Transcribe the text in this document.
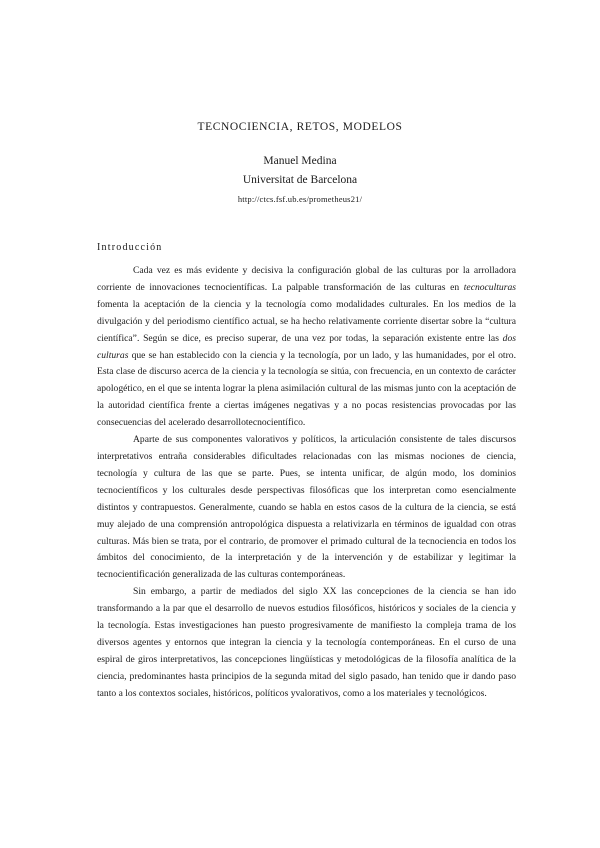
TECNOCIENCIA, RETOS, MODELOS
Manuel Medina
Universitat de Barcelona
http://ctcs.fsf.ub.es/prometheus21/
Introducción

Cada vez es más evidente y decisiva la configuración global de las culturas por la arrolladora corriente de innovaciones tecnocientíficas. La palpable transformación de las culturas en tecnoculturas fomenta la aceptación de la ciencia y la tecnología como modalidades culturales. En los medios de la divulgación y del periodismo científico actual, se ha hecho relativamente corriente disertar sobre la “cultura científica”. Según se dice, es preciso superar, de una vez por todas, la separación existente entre las dos culturas que se han establecido con la ciencia y la tecnología, por un lado, y las humanidades, por el otro. Esta clase de discurso acerca de la ciencia y la tecnología se sitúa, con frecuencia, en un contexto de carácter apologético, en el que se intenta lograr la plena asimilación cultural de las mismas junto con la aceptación de la autoridad científica frente a ciertas imágenes negativas y a no pocas resistencias provocadas por las consecuencias del acelerado desarrollotecnocientífico.

Aparte de sus componentes valorativos y políticos, la articulación consistente de tales discursos interpretativos entraña considerables dificultades relacionadas con las mismas nociones de ciencia, tecnología y cultura de las que se parte. Pues, se intenta unificar, de algún modo, los dominios tecnocientíficos y los culturales desde perspectivas filosóficas que los interpretan como esencialmente distintos y contrapuestos. Generalmente, cuando se habla en estos casos de la cultura de la ciencia, se está muy alejado de una comprensión antropológica dispuesta a relativizarla en términos de igualdad con otras culturas. Más bien se trata, por el contrario, de promover el primado cultural de la tecnociencia en todos los ámbitos del conocimiento, de la interpretación y de la intervención y de estabilizar y legitimar la tecnocientificación generalizada de las culturas contemporáneas.

Sin embargo, a partir de mediados del siglo XX las concepciones de la ciencia se han ido transformando a la par que el desarrollo de nuevos estudios filosóficos, históricos y sociales de la ciencia y la tecnología. Estas investigaciones han puesto progresivamente de manifiesto la compleja trama de los diversos agentes y entornos que integran la ciencia y la tecnología contemporáneas. En el curso de una espiral de giros interpretativos, las concepciones lingüísticas y metodológicas de la filosofía analítica de la ciencia, predominantes hasta principios de la segunda mitad del siglo pasado, han tenido que ir dando paso tanto a los contextos sociales, históricos, políticos yvalorativos, como a los materiales y tecnológicos.
